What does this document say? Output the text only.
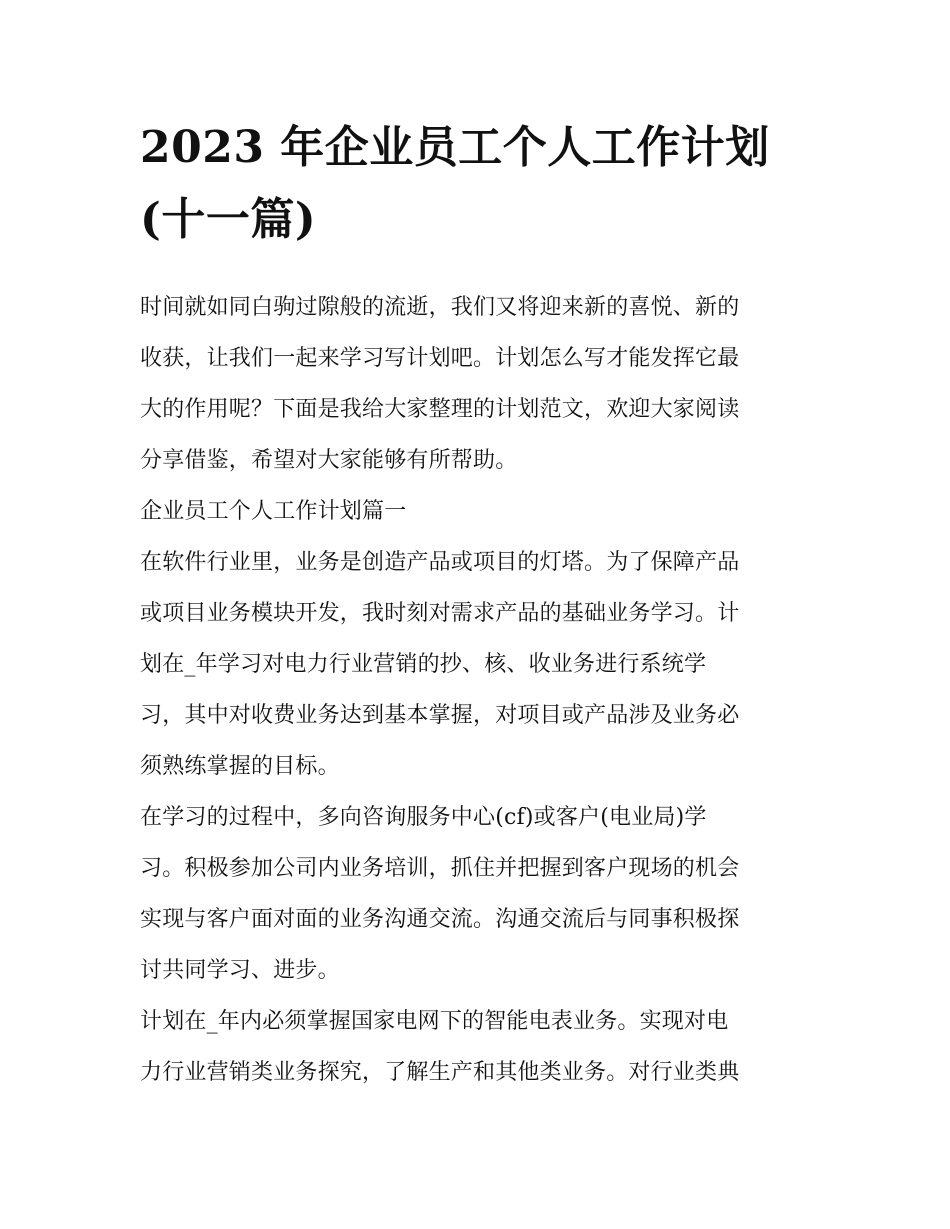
2023 年企业员工个人工作计划
(十一篇)

时间就如同白驹过隙般的流逝，我们又将迎来新的喜悦、新的
收获，让我们一起来学习写计划吧。计划怎么写才能发挥它最
大的作用呢？下面是我给大家整理的计划范文，欢迎大家阅读
分享借鉴，希望对大家能够有所帮助。

企业员工个人工作计划篇一

在软件行业里，业务是创造产品或项目的灯塔。为了保障产品
或项目业务模块开发，我时刻对需求产品的基础业务学习。计
划在_年学习对电力行业营销的抄、核、收业务进行系统学
习，其中对收费业务达到基本掌握，对项目或产品涉及业务必
须熟练掌握的目标。

在学习的过程中，多向咨询服务中心(cf)或客户(电业局)学
习。积极参加公司内业务培训，抓住并把握到客户现场的机会
实现与客户面对面的业务沟通交流。沟通交流后与同事积极探
讨共同学习、进步。

计划在_年内必须掌握国家电网下的智能电表业务。实现对电
力行业营销类业务探究，了解生产和其他类业务。对行业类典
